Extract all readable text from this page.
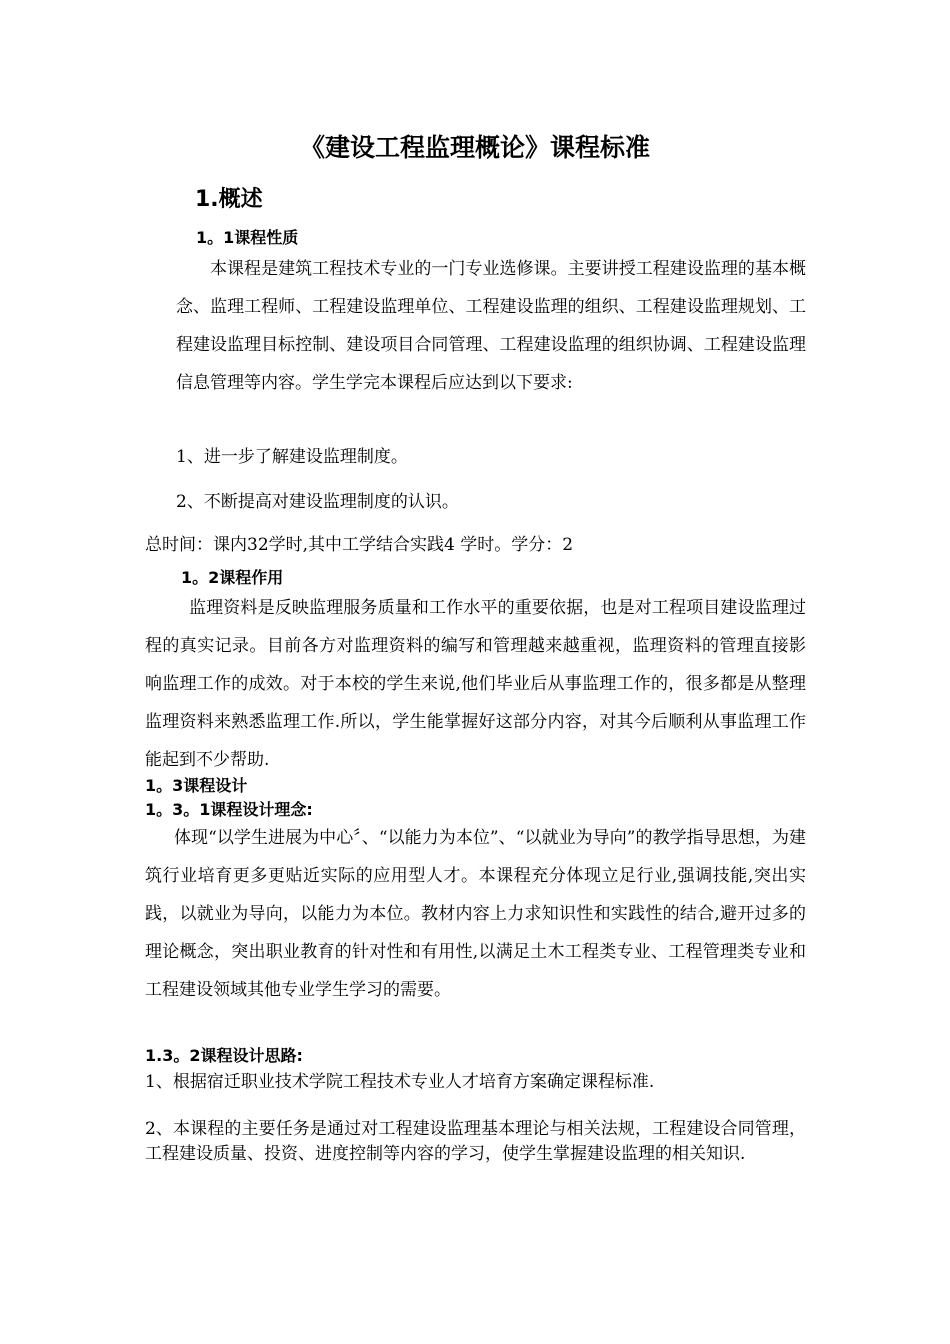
《建设工程监理概论》课程标准
1.概述
1。1课程性质

本课程是建筑工程技术专业的一门专业选修课。主要讲授工程建设监理的基本概念、监理工程师、工程建设监理单位、工程建设监理的组织、工程建设监理规划、工程建设监理目标控制、建设项目合同管理、工程建设监理的组织协调、工程建设监理信息管理等内容。学生学完本课程后应达到以下要求:

1、进一步了解建设监理制度。

2、不断提高对建设监理制度的认识。

总时间：课内32学时,其中工学结合实践4 学时。学分：2

1。2课程作用

监理资料是反映监理服务质量和工作水平的重要依据，也是对工程项目建设监理过程的真实记录。目前各方对监理资料的编写和管理越来越重视，监理资料的管理直接影响监理工作的成效。对于本校的学生来说,他们毕业后从事监理工作的，很多都是从整理监理资料来熟悉监理工作.所以，学生能掌握好这部分内容，对其今后顺利从事监理工作能起到不少帮助.

1。3课程设计
1。3。1课程设计理念:

体现“以学生进展为中心〞、“以能力为本位”、“以就业为导向”的教学指导思想，为建筑行业培育更多更贴近实际的应用型人才。本课程充分体现立足行业,强调技能,突出实践，以就业为导向，以能力为本位。教材内容上力求知识性和实践性的结合,避开过多的理论概念，突出职业教育的针对性和有用性,以满足土木工程类专业、工程管理类专业和工程建设领域其他专业学生学习的需要。

1.3。2课程设计思路:

1、根据宿迁职业技术学院工程技术专业人才培育方案确定课程标准.

2、本课程的主要任务是通过对工程建设监理基本理论与相关法规，工程建设合同管理，工程建设质量、投资、进度控制等内容的学习，使学生掌握建设监理的相关知识.
